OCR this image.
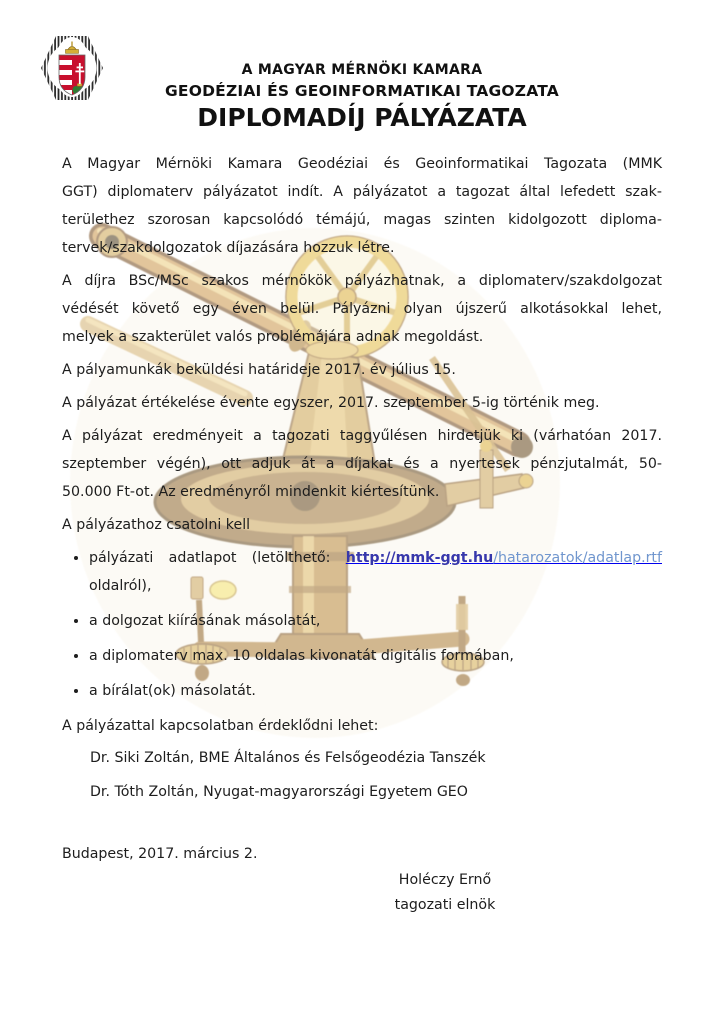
A MAGYAR MÉRNÖKI KAMARA
GEODÉZIAI ÉS GEOINFORMATIKAI TAGOZATA
DIPLOMADÍJ PÁLYÁZATA
A Magyar Mérnöki Kamara Geodéziai és Geoinformatikai Tagozata (MMK
GGT) diplomaterv pályázatot indít. A pályázatot a tagozat által lefedett szak-
területhez szorosan kapcsolódó témájú, magas szinten kidolgozott diploma-
tervek/szakdolgozatok díjazására hozzuk létre.
A díjra BSc/MSc szakos mérnökök pályázhatnak, a diplomaterv/szakdolgozat
védését követő egy éven belül. Pályázni olyan újszerű alkotásokkal lehet,
melyek a szakterület valós problémájára adnak megoldást.
A pályamunkák beküldési határideje 2017. év július 15.
A pályázat értékelése évente egyszer, 2017. szeptember 5-ig történik meg.
A pályázat eredményeit a tagozati taggyűlésen hirdetjük ki (várhatóan 2017.
szeptember végén), ott adjuk át a díjakat és a nyertesek pénzjutalmát, 50-
50.000 Ft-ot. Az eredményről mindenkit kiértesítünk.
A pályázathoz csatolni kell
• pályázati adatlapot (letölthető: http://mmk-ggt.hu/hatarozatok/adatlap.rtf
oldalról),
• a dolgozat kiírásának másolatát,
• a diplomaterv max. 10 oldalas kivonatát digitális formában,
• a bírálat(ok) másolatát.
A pályázattal kapcsolatban érdeklődni lehet:
Dr. Siki Zoltán, BME Általános és Felsőgeodézia Tanszék
Dr. Tóth Zoltán, Nyugat-magyarországi Egyetem GEO
Budapest, 2017. március 2.
Holéczy Ernő
tagozati elnök
